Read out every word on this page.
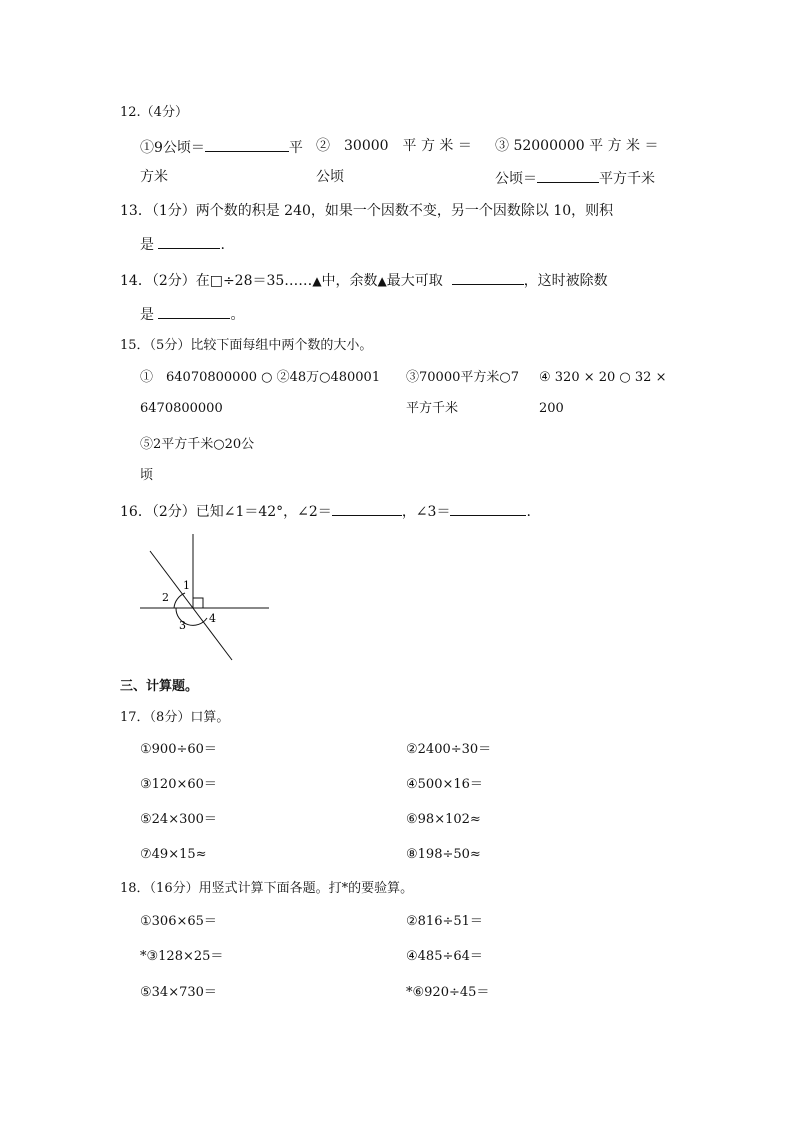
12.（4分）
①9公顷＝	平 ②　30000　平 方 米 ＝ ③ 52000000 平 方 米 ＝
方米	公顷	公顷＝	平方千米
13．（1分）两个数的积是 240，如果一个因数不变，另一个因数除以 10，则积
是	.
14．（2分）在□÷28＝35……▲中，余数▲最大可取	，这时被除数
是	。
15．（5分）比较下面每组中两个数的大小。
①　64070800000 ○ ②48万○480001 ③70000平方米○7 ④ 320 × 20 ○ 32 ×
6470800000	平方千米	200
⑤2平方千米○20公
顷
16．（2分）已知∠1＝42°，∠2＝	，∠3＝	.
1
2
3
4
三、计算题。
17．（8分）口算。
①900÷60＝	②2400÷30＝
③120×60＝	④500×16＝
⑤24×300＝	⑥98×102≈
⑦49×15≈	⑧198÷50≈
18．（16分）用竖式计算下面各题。打*的要验算。
①306×65＝	②816÷51＝
*③128×25＝	④485÷64＝
⑤34×730＝	*⑥920÷45＝
